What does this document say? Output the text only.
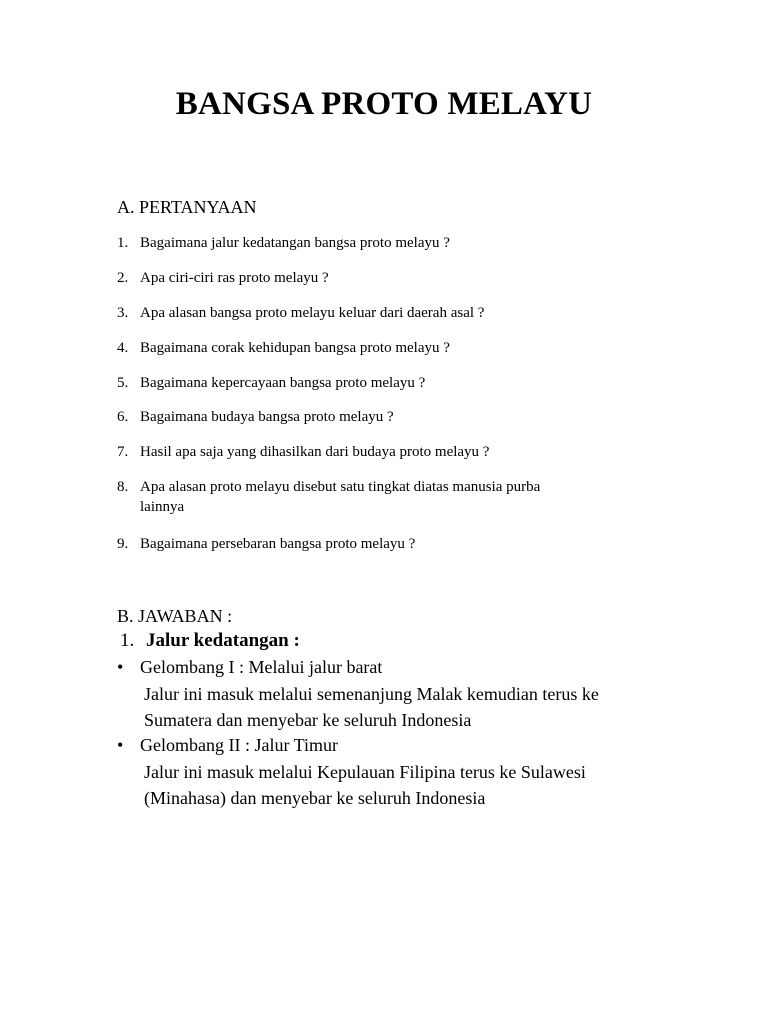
BANGSA PROTO MELAYU
A. PERTANYAAN
1. Bagaimana jalur kedatangan bangsa proto melayu ?
2. Apa ciri-ciri ras proto melayu ?
3. Apa alasan bangsa proto melayu keluar dari daerah asal ?
4. Bagaimana corak kehidupan bangsa proto melayu ?
5. Bagaimana kepercayaan bangsa proto melayu ?
6. Bagaimana budaya bangsa proto melayu ?
7. Hasil apa saja yang dihasilkan dari budaya proto melayu ?
8. Apa alasan proto melayu disebut satu tingkat diatas manusia purba
lainnya
9. Bagaimana persebaran bangsa proto melayu ?
B. JAWABAN :
1. Jalur kedatangan :
• Gelombang I : Melalui jalur barat
Jalur ini masuk melalui semenanjung Malak kemudian terus ke
Sumatera dan menyebar ke seluruh Indonesia
• Gelombang II : Jalur Timur
Jalur ini masuk melalui Kepulauan Filipina terus ke Sulawesi
(Minahasa) dan menyebar ke seluruh Indonesia
